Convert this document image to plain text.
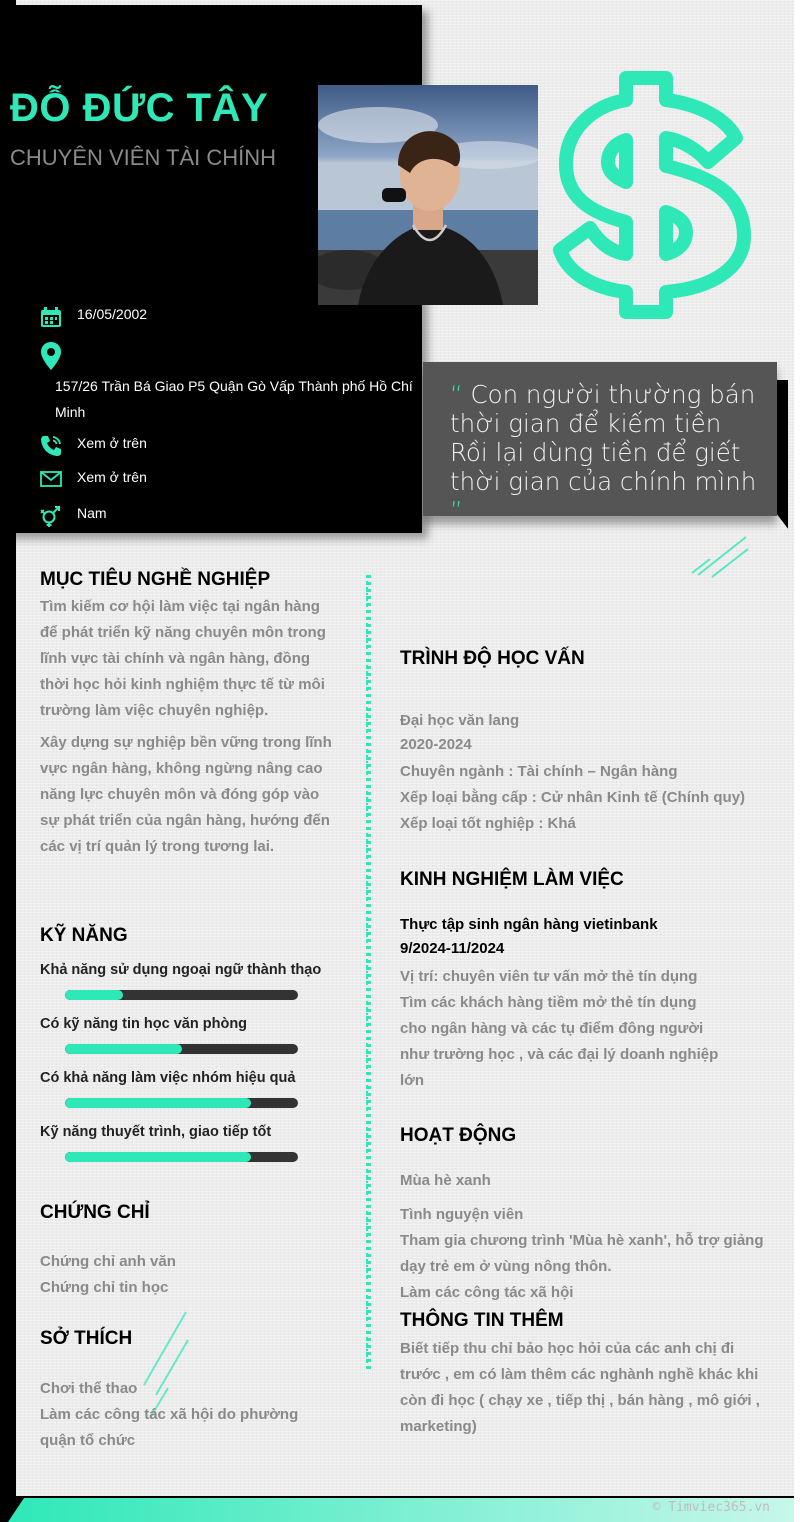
ĐỖ ĐỨC TÂY

CHUYÊN VIÊN TÀI CHÍNH

16/05/2002
157/26 Trần Bá Giao P5 Quận Gò Vấp Thành phố Hồ Chí Minh
Xem ở trên
Xem ở trên
Nam
“ Con người thường bán
thời gian để kiếm tiền
Rồi lại dùng tiền để giết
thời gian của chính mình ”
MỤC TIÊU NGHỀ NGHIỆP
Tìm kiếm cơ hội làm việc tại ngân hàng
để phát triển kỹ năng chuyên môn trong
lĩnh vực tài chính và ngân hàng, đồng
thời học hỏi kinh nghiệm thực tế từ môi
trường làm việc chuyên nghiệp.
Xây dựng sự nghiệp bền vững trong lĩnh
vực ngân hàng, không ngừng nâng cao
năng lực chuyên môn và đóng góp vào
sự phát triển của ngân hàng, hướng đến
các vị trí quản lý trong tương lai.
KỸ NĂNG
Khả năng sử dụng ngoại ngữ thành thạo
Có kỹ năng tin học văn phòng
Có khả năng làm việc nhóm hiệu quả
Kỹ năng thuyết trình, giao tiếp tốt
CHỨNG CHỈ
Chứng chỉ anh văn
Chứng chỉ tin học
SỞ THÍCH
Chơi thể thao
Làm các công tác xã hội do phường
quận tổ chức
TRÌNH ĐỘ HỌC VẤN
Đại học văn lang
2020-2024
Chuyên ngành : Tài chính – Ngân hàng
Xếp loại bằng cấp : Cử nhân Kinh tế (Chính quy)
Xếp loại tốt nghiệp : Khá
KINH NGHIỆM LÀM VIỆC
Thực tập sinh ngân hàng vietinbank
9/2024-11/2024
Vị trí: chuyên viên tư vấn mở thẻ tín dụng
Tìm các khách hàng tiềm mở thẻ tín dụng
cho ngân hàng và các tụ điểm đông người
như trường học , và các đại lý doanh nghiệp
lớn
HOẠT ĐỘNG
Mùa hè xanh
Tình nguyện viên
Tham gia chương trình 'Mùa hè xanh', hỗ trợ giảng
dạy trẻ em ở vùng nông thôn.
Làm các công tác xã hội
THÔNG TIN THÊM
Biết tiếp thu chỉ bảo học hỏi của các anh chị đi
trước , em có làm thêm các nghành nghề khác khi
còn đi học ( chạy xe , tiếp thị , bán hàng , mô giới ,
marketing)
© Timviec365.vn
